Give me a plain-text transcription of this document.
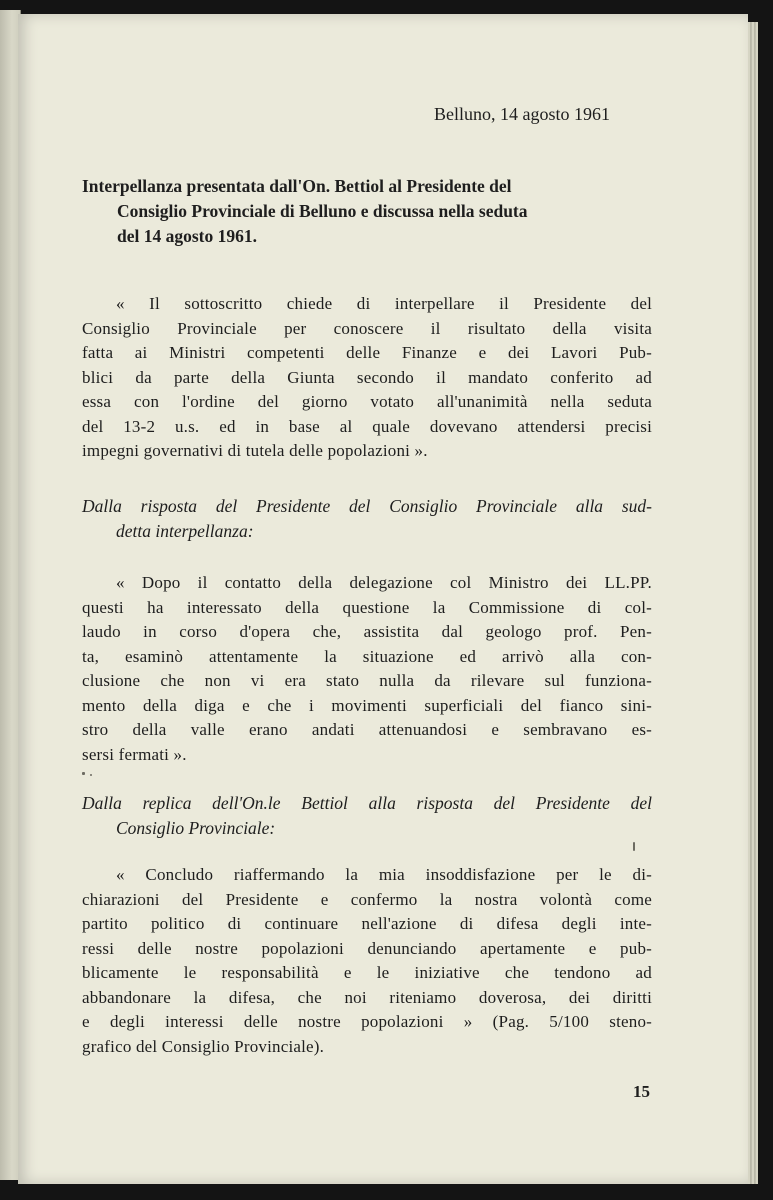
Belluno, 14 agosto 1961
Interpellanza presentata dall'On. Bettiol al Presidente del
Consiglio Provinciale di Belluno e discussa nella seduta
del 14 agosto 1961.
« Il sottoscritto chiede di interpellare il Presidente del
Consiglio Provinciale per conoscere il risultato della visita
fatta ai Ministri competenti delle Finanze e dei Lavori Pub-
blici da parte della Giunta secondo il mandato conferito ad
essa con l'ordine del giorno votato all'unanimità nella seduta
del 13-2 u.s. ed in base al quale dovevano attendersi precisi
impegni governativi di tutela delle popolazioni ».
Dalla risposta del Presidente del Consiglio Provinciale alla sud-
detta interpellanza:
« Dopo il contatto della delegazione col Ministro dei LL.PP.
questi ha interessato della questione la Commissione di col-
laudo in corso d'opera che, assistita dal geologo prof. Pen-
ta, esaminò attentamente la situazione ed arrivò alla con-
clusione che non vi era stato nulla da rilevare sul funziona-
mento della diga e che i movimenti superficiali del fianco sini-
stro della valle erano andati attenuandosi e sembravano es-
sersi fermati ».
Dalla replica dell'On.le Bettiol alla risposta del Presidente del
Consiglio Provinciale:
« Concludo riaffermando la mia insoddisfazione per le di-
chiarazioni del Presidente e confermo la nostra volontà come
partito politico di continuare nell'azione di difesa degli inte-
ressi delle nostre popolazioni denunciando apertamente e pub-
blicamente le responsabilità e le iniziative che tendono ad
abbandonare la difesa, che noi riteniamo doverosa, dei diritti
e degli interessi delle nostre popolazioni » (Pag. 5/100 steno-
grafico del Consiglio Provinciale).
15
